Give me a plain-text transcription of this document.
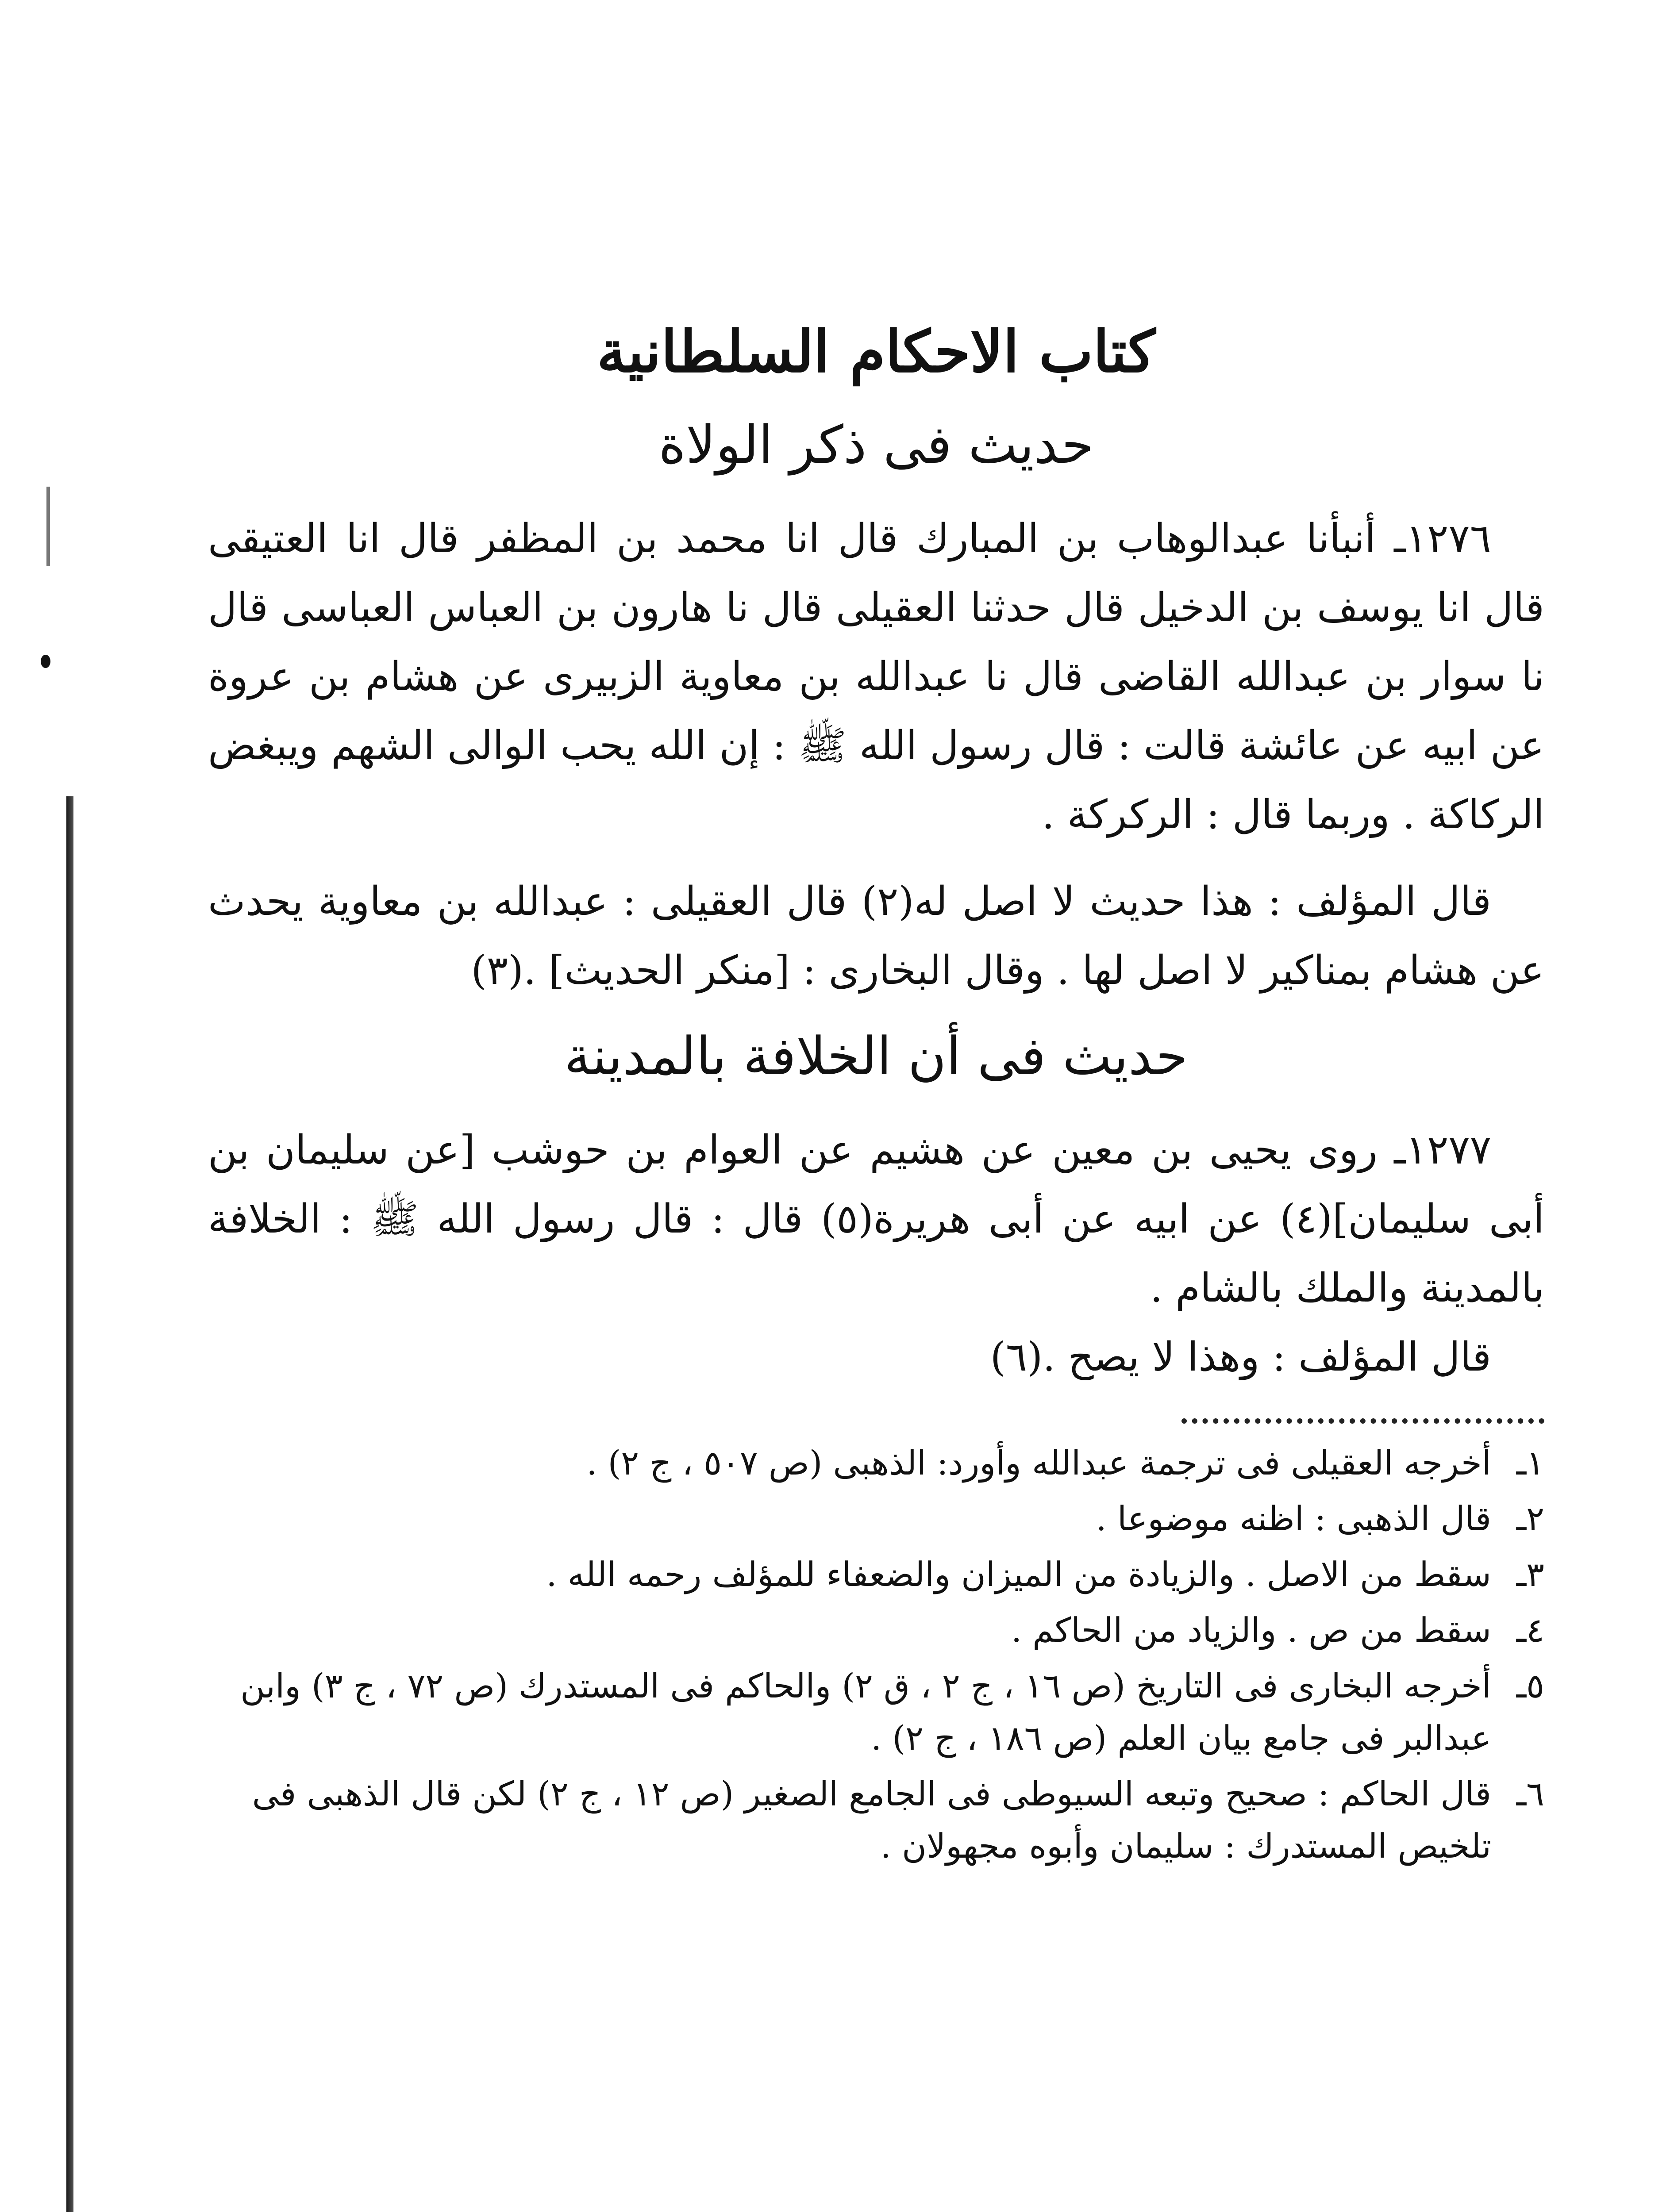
كتاب الاحكام السلطانية
حديث فى ذكر الولاة

١٢٧٦ـ أنبأنا عبدالوهاب بن المبارك قال انا محمد بن المظفر قال انا العتيقى قال انا يوسف بن الدخيل قال حدثنا العقيلى قال نا هارون بن العباس العباسى قال نا سوار بن عبدالله القاضى قال نا عبدالله بن معاوية الزبيرى عن هشام بن عروة عن ابيه عن عائشة قالت : قال رسول الله ﷺ : إن الله يحب الوالى الشهم ويبغض الركاكة . وربما قال : الركركة .

قال المؤلف : هذا حديث لا اصل له(٢) قال العقيلى : عبدالله بن معاوية يحدث عن هشام بمناكير لا اصل لها . وقال البخارى : [منكر الحديث] .(٣)

حديث فى أن الخلافة بالمدينة

١٢٧٧ـ روى يحيى بن معين عن هشيم عن العوام بن حوشب [عن سليمان بن أبى سليمان](٤) عن ابيه عن أبى هريرة(٥) قال : قال رسول الله ﷺ : الخلافة بالمدينة والملك بالشام .

قال المؤلف : وهذا لا يصح .(٦)

١ـ
أخرجه العقيلى فى ترجمة عبدالله وأورد: الذهبى (ص ٥٠٧ ، ج ٢) .
٢ـ
قال الذهبى : اظنه موضوعا .
٣ـ
سقط من الاصل . والزيادة من الميزان والضعفاء للمؤلف رحمه الله .
٤ـ
سقط من ص . والزياد من الحاكم .
٥ـ
أخرجه البخارى فى التاريخ (ص ١٦ ، ج ٢ ، ق ٢) والحاكم فى المستدرك (ص ٧٢ ، ج ٣) وابن عبدالبر فى جامع بيان العلم (ص ١٨٦ ، ج ٢) .
٦ـ
قال الحاكم : صحيح وتبعه السيوطى فى الجامع الصغير (ص ١٢ ، ج ٢) لكن قال الذهبى فى تلخيص المستدرك : سليمان وأبوه مجهولان .
